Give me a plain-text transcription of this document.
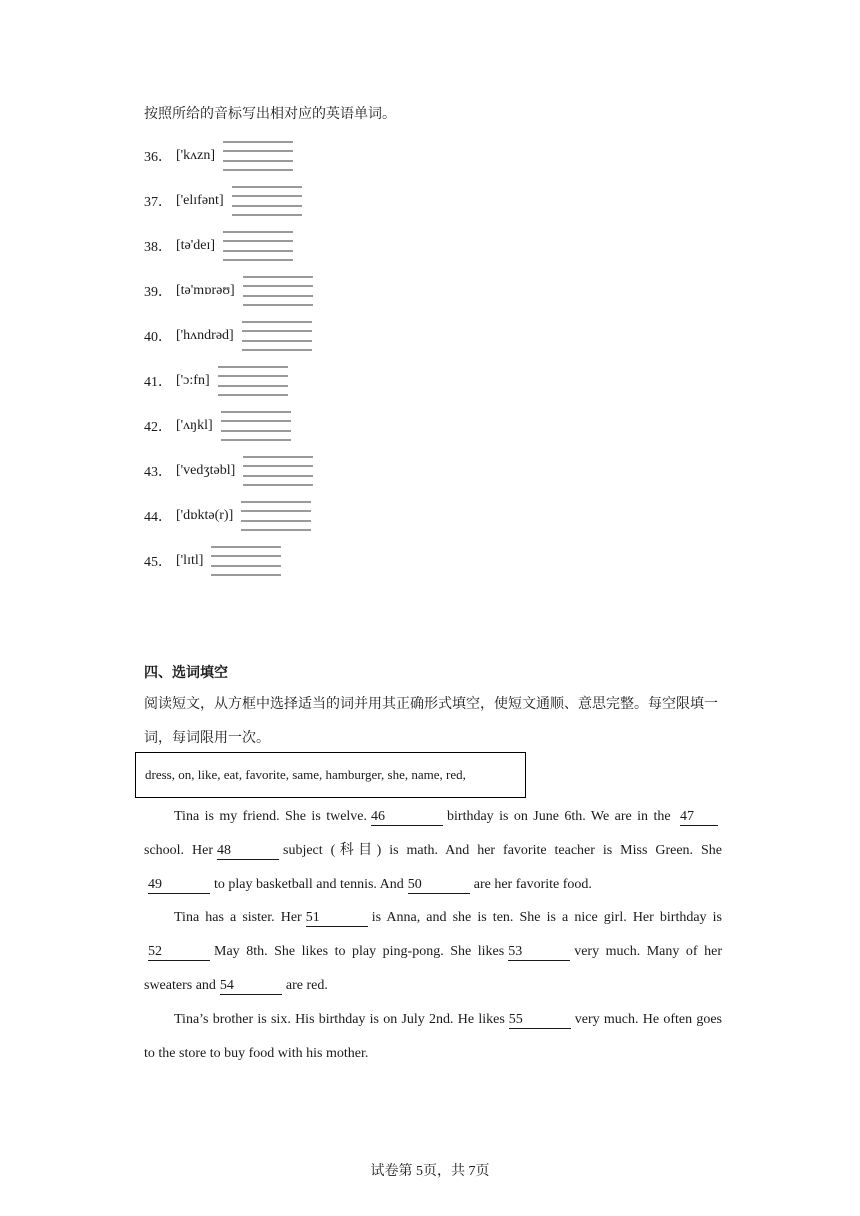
按照所给的音标写出相对应的英语单词。
36． ['kʌzn]
37． ['elɪfənt]
38． [tə'deɪ]
39． [tə'mɒrəʊ]
40． ['hʌndrəd]
41． ['ɔ:fn]
42． ['ʌŋkl]
43． ['vedʒtəbl]
44． ['dɒktə(r)]
45． ['lɪtl]
四、选词填空
阅读短文，从方框中选择适当的词并用其正确形式填空，使短文通顺、意思完整。每空限填一词，每词限用一次。
dress, on, like, eat, favorite, same, hamburger, she, name, red,

Tina is my friend. She is twelve. 46	birthday is on June 6th. We are in the 47school. Her 48	subject (科目) is math. And her favorite teacher is Miss Green. She49	to play basketball and tennis. And 50	are her favorite food.

Tina has a sister. Her 51	is Anna, and she is ten. She is a nice girl. Her birthday is52	May 8th. She likes to play ping-pong. She likes 53	very much. Many of her sweaters and 54	are red.

Tina’s brother is six. His birthday is on July 2nd. He likes 55	very much. He often goes to the store to buy food with his mother.

试卷第 5页，共 7页
